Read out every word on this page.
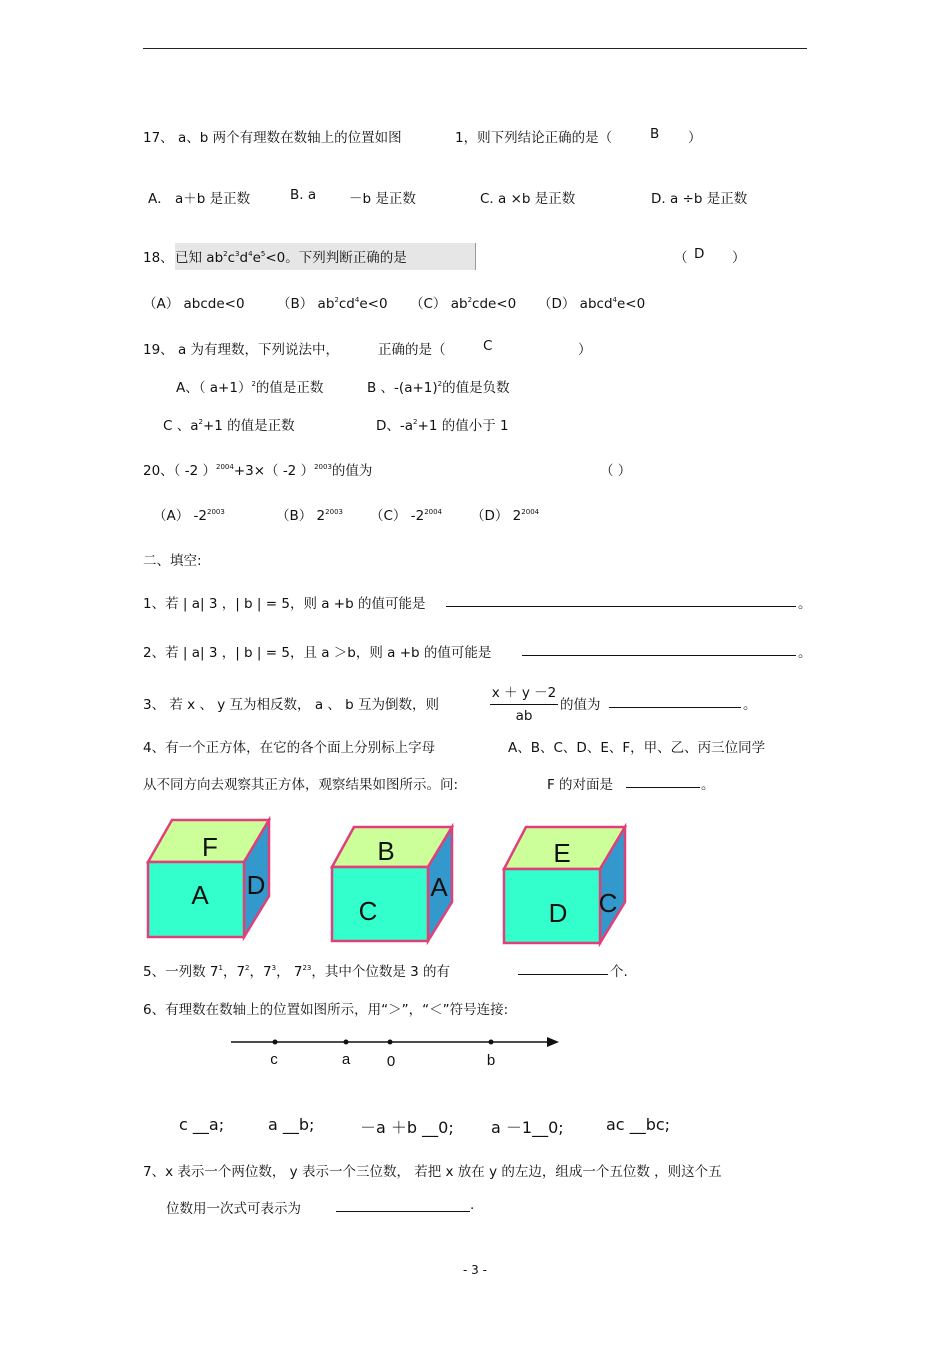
17、 a、b 两个有理数在数轴上的位置如图	1，则下列结论正确的是（	B ）
A． a＋b 是正数	B. a －b 是正数	C. a ×b 是正数	D. a ÷b 是正数
18、 已知 $ab^2c^3d^4e^5<0$。下列判断正确的是	（ D ）
（A） abcde<0 （B） $ab^2cd^4e<0$ （C） $ab^2cde<0$ （D） abcd$^4$e<0
19、 a 为有理数，下列说法中，	正确的是（	C	）
A、（ a+1）$^2$的值是正数	B 、$-(a+1)^2$的值是负数
C 、$a^2+1$ 的值是正数	D、$-a^2+1$ 的值小于 1
20、（ -2 ）$^{2004}$+3×（ -2 ）$^{2003}$的值为	（ ）
（A） $-2^{2003}$	（B） $2^{2003}$ （C） $-2^{2004}$ （D） $2^{2004}$
二、填空:
1、若 | a| 3 ，| b | = 5，则 a +b 的值可能是	。
2、若 | a| 3 ，| b | = 5，且 a ＞b，则 a +b 的值可能是	。
3、 若 x 、 y 互为相反数， a 、 b 互为倒数，则	$\frac{x + y -2}{ab}$ 的值为	。
4、有一个正方体，在它的各个面上分别标上字母	A、B、C、D、E、F，甲、乙、丙三位同学
从不同方向去观察其正方体，观察结果如图所示。问:	F 的对面是	。
F
A D
B
C
A
E
D C
5、一列数 $7^1$，$7^2$，$7^3$， $7^{23}$，其中个位数是 3 的有	个.
6、有理数在数轴上的位置如图所示，用“＞”，“＜”符号连接:
c	a 0	b
c __a;	a __b;	－a ＋b __0; a －1__0;	ac __bc;
7、x 表示一个两位数， y 表示一个三位数， 若把 x 放在 y 的左边，组成一个五位数 ，则这个五
位数用一次式可表示为	.
- 3 -
